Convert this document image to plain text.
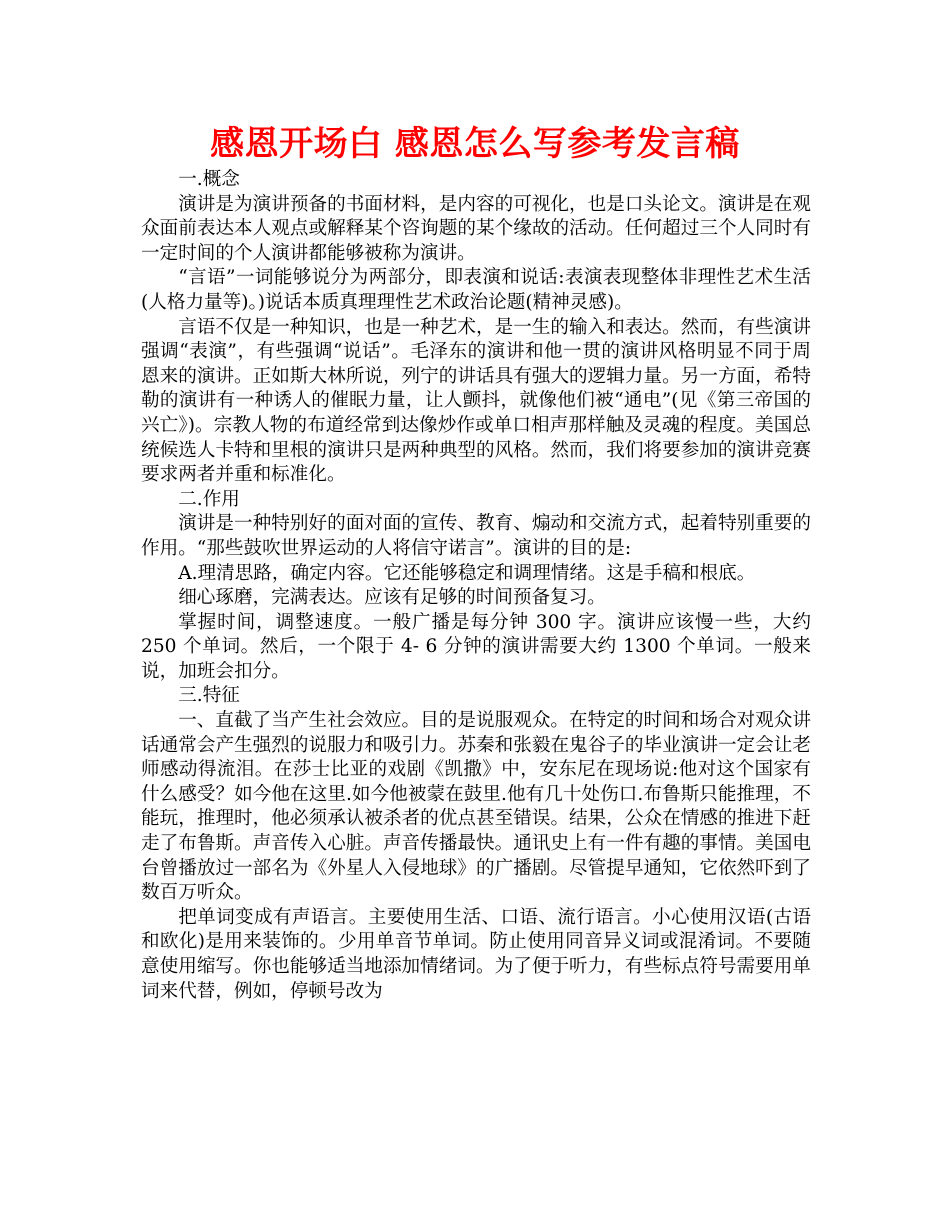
感恩开场白 感恩怎么写参考发言稿

一.概念

演讲是为演讲预备的书面材料，是内容的可视化，也是口头论文。演讲是在观众面前表达本人观点或解释某个咨询题的某个缘故的活动。任何超过三个人同时有一定时间的个人演讲都能够被称为演讲。

“言语”一词能够说分为两部分，即表演和说话:表演表现整体非理性艺术生活(人格力量等)。)说话本质真理理性艺术政治论题(精神灵感)。

言语不仅是一种知识，也是一种艺术，是一生的输入和表达。然而，有些演讲强调“表演”，有些强调“说话”。毛泽东的演讲和他一贯的演讲风格明显不同于周恩来的演讲。正如斯大林所说，列宁的讲话具有强大的逻辑力量。另一方面，希特勒的演讲有一种诱人的催眠力量，让人颤抖，就像他们被“通电”(见《第三帝国的兴亡》)。宗教人物的布道经常到达像炒作或单口相声那样触及灵魂的程度。美国总统候选人卡特和里根的演讲只是两种典型的风格。然而，我们将要参加的演讲竞赛要求两者并重和标准化。

二.作用

演讲是一种特别好的面对面的宣传、教育、煽动和交流方式，起着特别重要的作用。“那些鼓吹世界运动的人将信守诺言”。演讲的目的是:

A.理清思路，确定内容。它还能够稳定和调理情绪。这是手稿和根底。

细心琢磨，完满表达。应该有足够的时间预备复习。

掌握时间，调整速度。一般广播是每分钟 300 字。演讲应该慢一些，大约 250 个单词。然后，一个限于 4- 6 分钟的演讲需要大约 1300 个单词。一般来说，加班会扣分。

三.特征

一、直截了当产生社会效应。目的是说服观众。在特定的时间和场合对观众讲话通常会产生强烈的说服力和吸引力。苏秦和张毅在鬼谷子的毕业演讲一定会让老师感动得流泪。在莎士比亚的戏剧《凯撒》中，安东尼在现场说:他对这个国家有什么感受？如今他在这里.如今他被蒙在鼓里.他有几十处伤口.布鲁斯只能推理，不能玩，推理时，他必须承认被杀者的优点甚至错误。结果，公众在情感的推进下赶走了布鲁斯。声音传入心脏。声音传播最快。通讯史上有一件有趣的事情。美国电台曾播放过一部名为《外星人入侵地球》的广播剧。尽管提早通知，它依然吓到了数百万听众。

把单词变成有声语言。主要使用生活、口语、流行语言。小心使用汉语(古语和欧化)是用来装饰的。少用单音节单词。防止使用同音异义词或混淆词。不要随意使用缩写。你也能够适当地添加情绪词。为了便于听力，有些标点符号需要用单词来代替，例如，停顿号改为
